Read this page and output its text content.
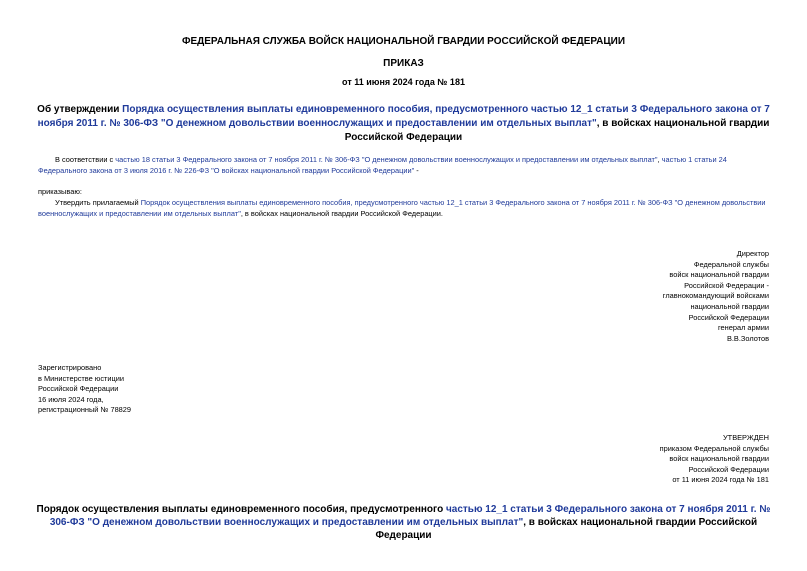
ФЕДЕРАЛЬНАЯ СЛУЖБА ВОЙСК НАЦИОНАЛЬНОЙ ГВАРДИИ РОССИЙСКОЙ ФЕДЕРАЦИИ
ПРИКАЗ
от 11 июня 2024 года № 181
Об утверждении Порядка осуществления выплаты единовременного пособия, предусмотренного частью 12_1 статьи 3 Федерального закона от 7 ноября 2011 г. № 306-ФЗ "О денежном довольствии военнослужащих и предоставлении им отдельных выплат", в войсках национальной гвардии Российской Федерации
В соответствии с частью 18 статьи 3 Федерального закона от 7 ноября 2011 г. № 306-ФЗ "О денежном довольствии военнослужащих и предоставлении им отдельных выплат", частью 1 статьи 24 Федерального закона от 3 июля 2016 г. № 226-ФЗ "О войсках национальной гвардии Российской Федерации" -
приказываю:
Утвердить прилагаемый Порядок осуществления выплаты единовременного пособия, предусмотренного частью 12_1 статьи 3 Федерального закона от 7 ноября 2011 г. № 306-ФЗ "О денежном довольствии военнослужащих и предоставлении им отдельных выплат", в войсках национальной гвардии Российской Федерации.
Директор
Федеральной службы
войск национальной гвардии
Российской Федерации -
главнокомандующий войсками
национальной гвардии
Российской Федерации
генерал армии
В.В.Золотов
Зарегистрировано
в Министерстве юстиции
Российской Федерации
16 июля 2024 года,
регистрационный № 78829
УТВЕРЖДЕН
приказом Федеральной службы
войск национальной гвардии
Российской Федерации
от 11 июня 2024 года № 181
Порядок осуществления выплаты единовременного пособия, предусмотренного частью 12_1 статьи 3 Федерального закона от 7 ноября 2011 г. № 306-ФЗ "О денежном довольствии военнослужащих и предоставлении им отдельных выплат", в войсках национальной гвардии Российской Федерации
